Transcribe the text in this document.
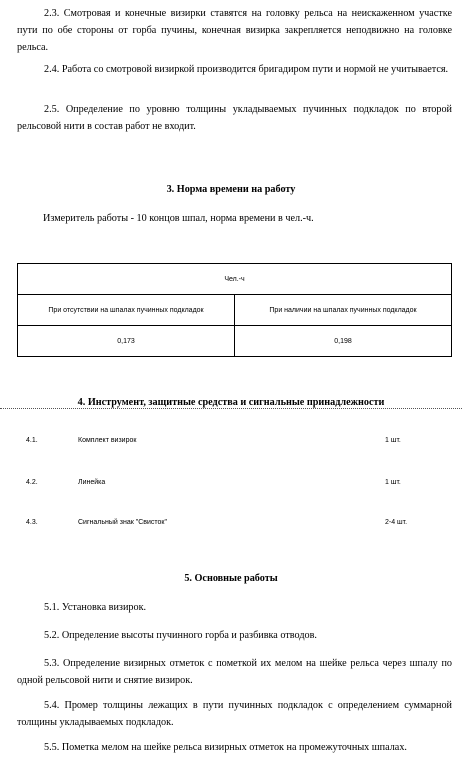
2.3. Смотровая и конечные визирки ставятся на головку рельса на неискаженном участке пути по обе стороны от горба пучины, конечная визирка закрепляется неподвижно на головке рельса.

2.4. Работа со смотровой визиркой производится бригадиром пути и нормой не учитывается.

2.5. Определение по уровню толщины укладываемых пучинных подкладок по второй рельсовой нити в состав работ не входит.

3. Норма времени на работу

Измеритель работы - 10 концов шпал, норма времени в чел.-ч.

Чел.-ч	
При отсутствии на шпалах пучинных подкладок	При наличии на шпалах пучинных подкладок
0,173	0,198

4. Инструмент, защитные средства и сигнальные принадлежности

4.1.	Комплект визирок	1 шт.
4.2.	Линейка	1 шт.
4.3.	Сигнальный знак "Свисток"	2-4 шт.

5. Основные работы

5.1. Установка визирок.

5.2. Определение высоты пучинного горба и разбивка отводов.

5.3. Определение визирных отметок с пометкой их мелом на шейке рельса через шпалу по одной рельсовой нити и снятие визирок.

5.4. Промер толщины лежащих в пути пучинных подкладок с определением суммарной толщины укладываемых подкладок.

5.5. Пометка мелом на шейке рельса визирных отметок на промежуточных шпалах.
